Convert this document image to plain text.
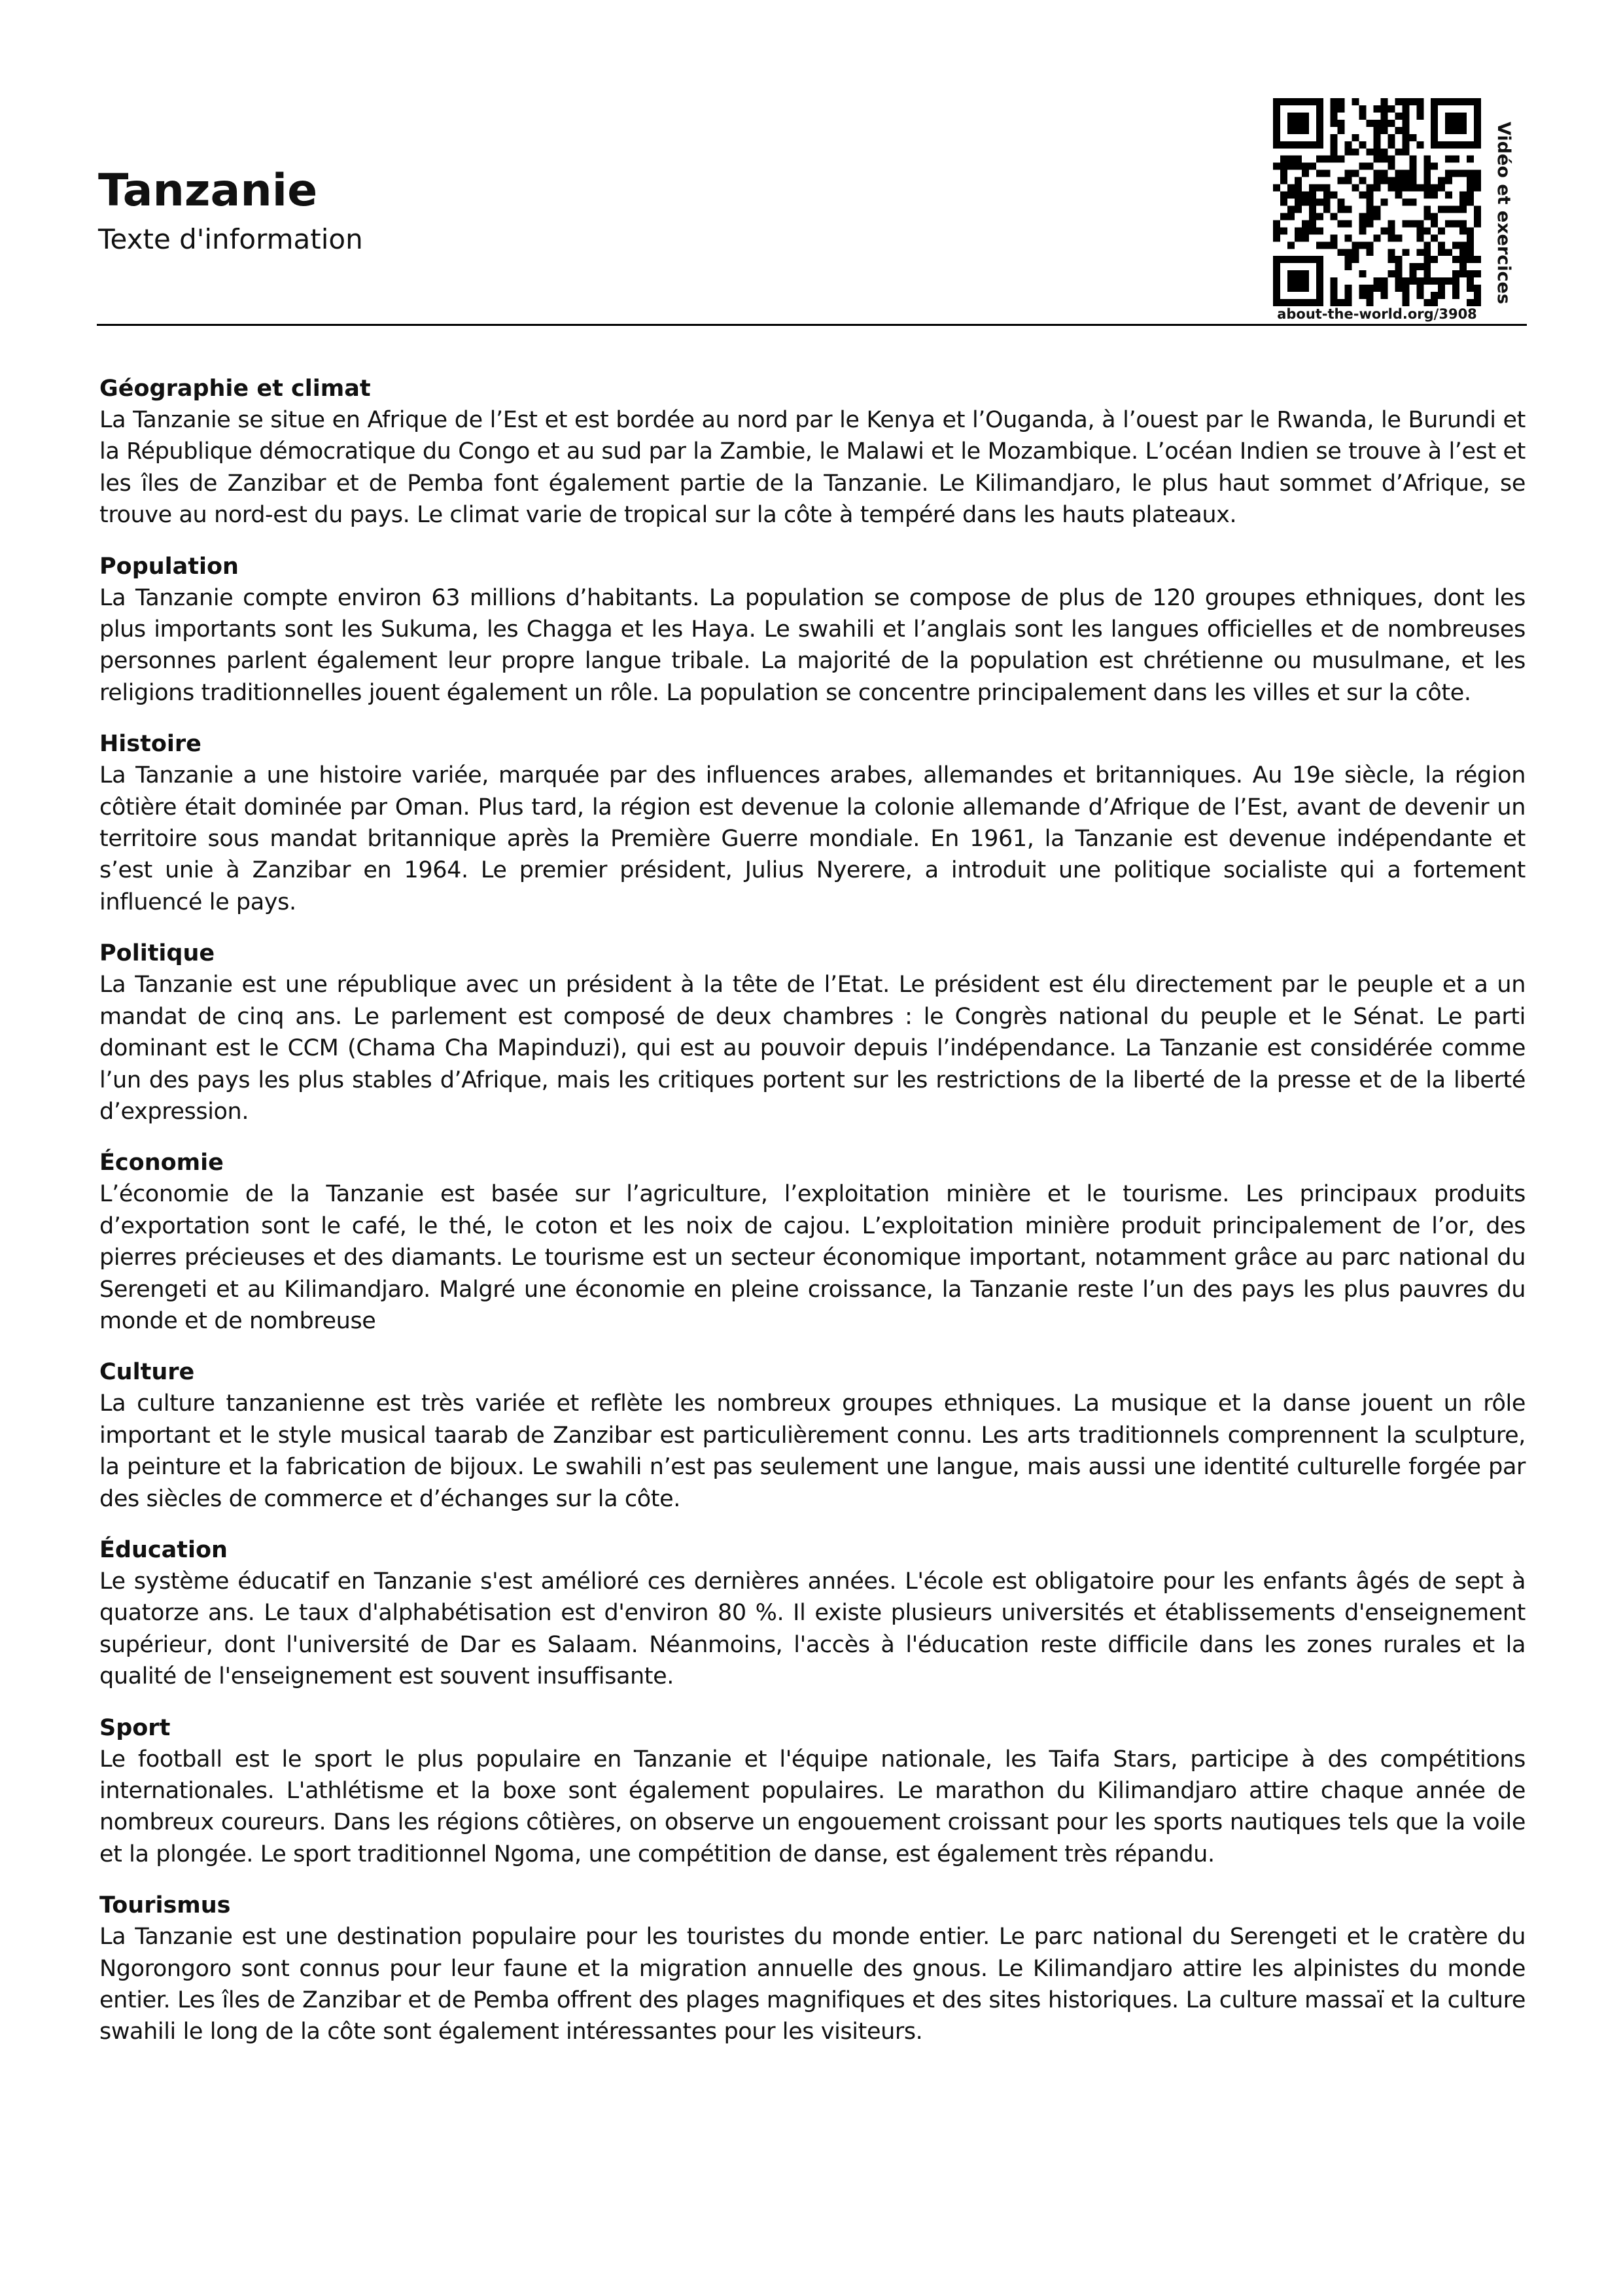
Tanzanie
Texte d'information
about-the-world.org/3908
Vidéo et exercices
Géographie et climat

La Tanzanie se situe en Afrique de l’Est et est bordée au nord par le Kenya et l’Ouganda, à l’ouest par le Rwanda, le Burundi et la République démocratique du Congo et au sud par la Zambie, le Malawi et le Mozambique. L’océan Indien se trouve à l’est et les îles de Zanzibar et de Pemba font également partie de la Tanzanie. Le Kilimandjaro, le plus haut sommet d’Afrique, se trouve au nord-est du pays. Le climat varie de tropical sur la côte à tempéré dans les hauts plateaux.

Population

La Tanzanie compte environ 63 millions d’habitants. La population se compose de plus de 120 groupes ethniques, dont les plus importants sont les Sukuma, les Chagga et les Haya. Le swahili et l’anglais sont les langues officielles et de nombreuses personnes parlent également leur propre langue tribale. La majorité de la population est chrétienne ou musulmane, et les religions traditionnelles jouent également un rôle. La population se concentre principalement dans les villes et sur la côte.

Histoire

La Tanzanie a une histoire variée, marquée par des influences arabes, allemandes et britanniques. Au 19e siècle, la région côtière était dominée par Oman. Plus tard, la région est devenue la colonie allemande d’Afrique de l’Est, avant de devenir un territoire sous mandat britannique après la Première Guerre mondiale. En 1961, la Tanzanie est devenue indépendante et s’est unie à Zanzibar en 1964. Le premier président, Julius Nyerere, a introduit une politique socialiste qui a fortement influencé le pays.

Politique

La Tanzanie est une république avec un président à la tête de l’Etat. Le président est élu directement par le peuple et a un mandat de cinq ans. Le parlement est composé de deux chambres : le Congrès national du peuple et le Sénat. Le parti dominant est le CCM (Chama Cha Mapinduzi), qui est au pouvoir depuis l’indépendance. La Tanzanie est considérée comme l’un des pays les plus stables d’Afrique, mais les critiques portent sur les restrictions de la liberté de la presse et de la liberté d’expression.

Économie

L’économie de la Tanzanie est basée sur l’agriculture, l’exploitation minière et le tourisme. Les principaux produits d’exportation sont le café, le thé, le coton et les noix de cajou. L’exploitation minière produit principalement de l’or, des pierres précieuses et des diamants. Le tourisme est un secteur économique important, notamment grâce au parc national du Serengeti et au Kilimandjaro. Malgré une économie en pleine croissance, la Tanzanie reste l’un des pays les plus pauvres du monde et de nombreuse

Culture

La culture tanzanienne est très variée et reflète les nombreux groupes ethniques. La musique et la danse jouent un rôle important et le style musical taarab de Zanzibar est particulièrement connu. Les arts traditionnels comprennent la sculpture, la peinture et la fabrication de bijoux. Le swahili n’est pas seulement une langue, mais aussi une identité culturelle forgée par des siècles de commerce et d’échanges sur la côte.

Éducation

Le système éducatif en Tanzanie s'est amélioré ces dernières années. L'école est obligatoire pour les enfants âgés de sept à quatorze ans. Le taux d'alphabétisation est d'environ 80 %. Il existe plusieurs universités et établissements d'enseignement supérieur, dont l'université de Dar es Salaam. Néanmoins, l'accès à l'éducation reste difficile dans les zones rurales et la qualité de l'enseignement est souvent insuffisante.

Sport

Le football est le sport le plus populaire en Tanzanie et l'équipe nationale, les Taifa Stars, participe à des compétitions internationales. L'athlétisme et la boxe sont également populaires. Le marathon du Kilimandjaro attire chaque année de nombreux coureurs. Dans les régions côtières, on observe un engouement croissant pour les sports nautiques tels que la voile et la plongée. Le sport traditionnel Ngoma, une compétition de danse, est également très répandu.

Tourismus

La Tanzanie est une destination populaire pour les touristes du monde entier. Le parc national du Serengeti et le cratère du Ngorongoro sont connus pour leur faune et la migration annuelle des gnous. Le Kilimandjaro attire les alpinistes du monde entier. Les îles de Zanzibar et de Pemba offrent des plages magnifiques et des sites historiques. La culture massaï et la culture swahili le long de la côte sont également intéressantes pour les visiteurs.
